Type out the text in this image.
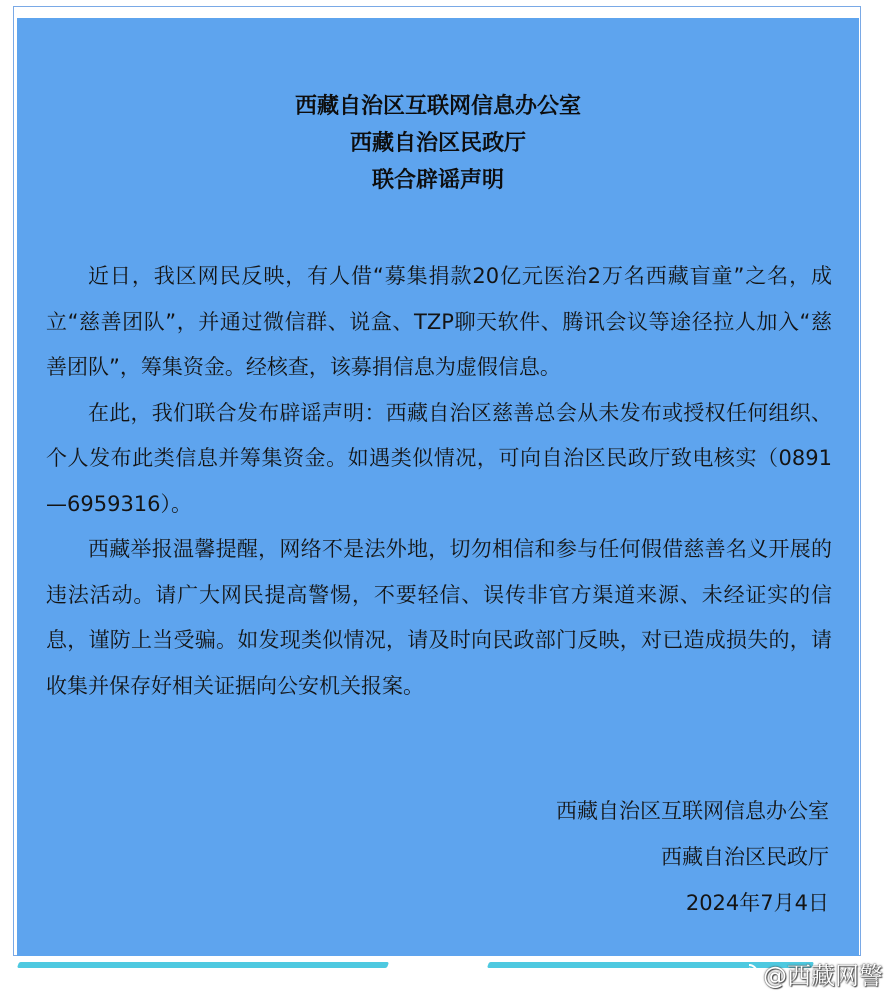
西藏自治区互联网信息办公室
西藏自治区民政厅
联合辟谣声明

近日，我区网民反映，有人借“募集捐款20亿元医治2万名西藏盲童”之名，成立“慈善团队”，并通过微信群、说盒、TZP聊天软件、腾讯会议等途径拉人加入“慈善团队”，筹集资金。经核查，该募捐信息为虚假信息。

在此，我们联合发布辟谣声明：西藏自治区慈善总会从未发布或授权任何组织、个人发布此类信息并筹集资金。如遇类似情况，可向自治区民政厅致电核实（0891—6959316）。

西藏举报温馨提醒，网络不是法外地，切勿相信和参与任何假借慈善名义开展的违法活动。请广大网民提高警惕，不要轻信、误传非官方渠道来源、未经证实的信息，谨防上当受骗。如发现类似情况，请及时向民政部门反映，对已造成损失的，请收集并保存好相关证据向公安机关报案。

西藏自治区互联网信息办公室
西藏自治区民政厅
2024年7月4日
@西藏网警
